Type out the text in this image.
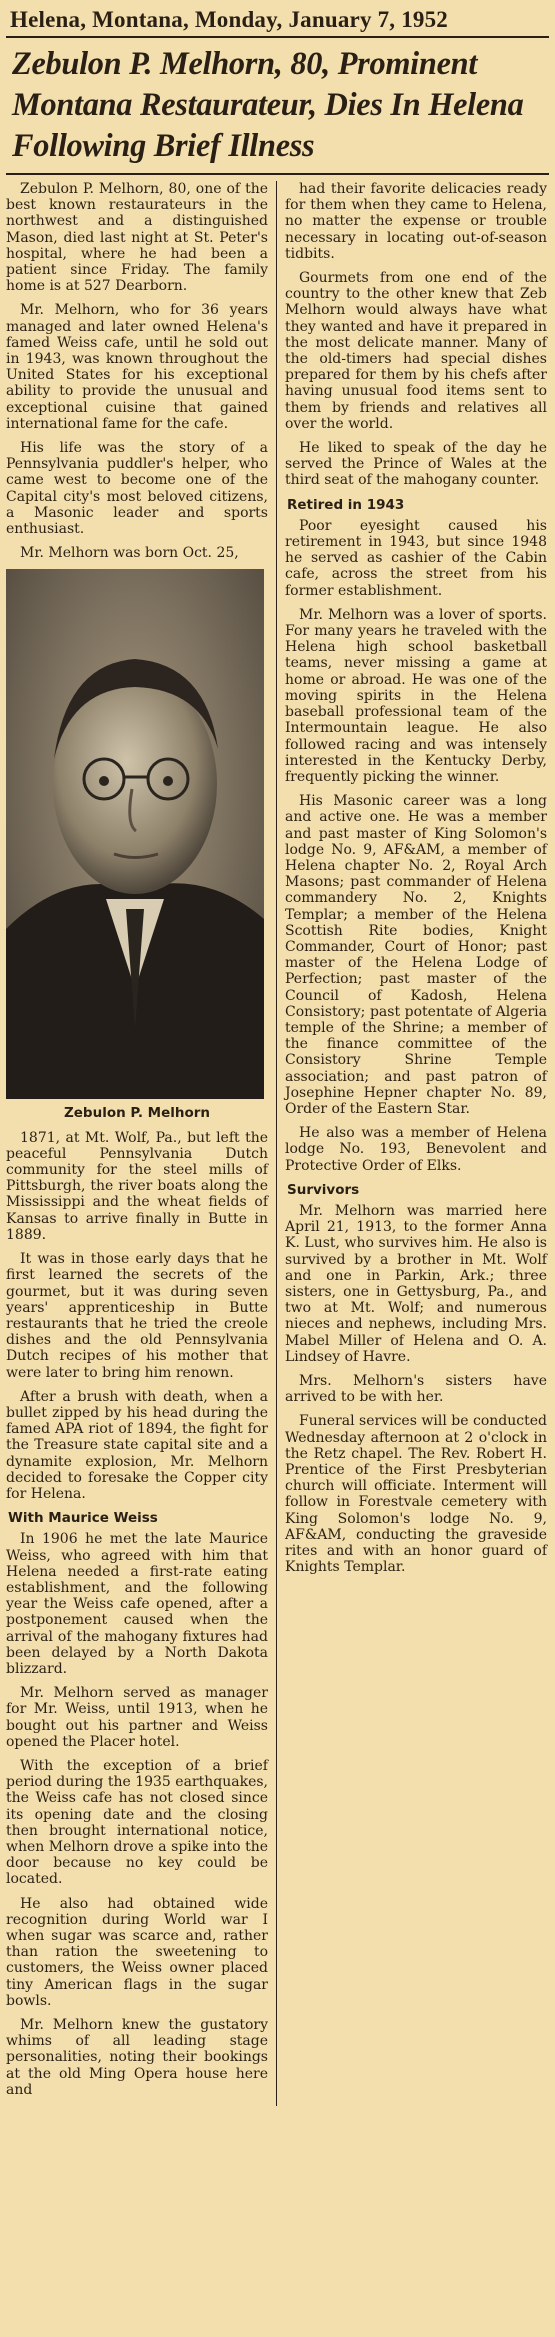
Helena, Montana, Monday, January 7, 1952
Zebulon P. Melhorn, 80, Prominent Montana Restaurateur, Dies In Helena Following Brief Illness

Zebulon P. Melhorn, 80, one of the best known restaurateurs in the northwest and a distinguished Mason, died last night at St. Peter's hospital, where he had been a patient since Friday. The family home is at 527 Dearborn.

Mr. Melhorn, who for 36 years managed and later owned Helena's famed Weiss cafe, until he sold out in 1943, was known throughout the United States for his exceptional ability to provide the unusual and exceptional cuisine that gained international fame for the cafe.

His life was the story of a Pennsylvania puddler's helper, who came west to become one of the Capital city's most beloved citizens, a Masonic leader and sports enthusiast.

Mr. Melhorn was born Oct. 25,

Zebulon P. Melhorn

1871, at Mt. Wolf, Pa., but left the peaceful Pennsylvania Dutch community for the steel mills of Pittsburgh, the river boats along the Mississippi and the wheat fields of Kansas to arrive finally in Butte in 1889.

It was in those early days that he first learned the secrets of the gourmet, but it was during seven years' apprenticeship in Butte restaurants that he tried the creole dishes and the old Pennsylvania Dutch recipes of his mother that were later to bring him renown.

After a brush with death, when a bullet zipped by his head during the famed APA riot of 1894, the fight for the Treasure state capital site and a dynamite explosion, Mr. Melhorn decided to foresake the Copper city for Helena.

With Maurice Weiss

In 1906 he met the late Maurice Weiss, who agreed with him that Helena needed a first-rate eating establishment, and the following year the Weiss cafe opened, after a postponement caused when the arrival of the mahogany fixtures had been delayed by a North Dakota blizzard.

Mr. Melhorn served as manager for Mr. Weiss, until 1913, when he bought out his partner and Weiss opened the Placer hotel.

With the exception of a brief period during the 1935 earthquakes, the Weiss cafe has not closed since its opening date and the closing then brought international notice, when Melhorn drove a spike into the door because no key could be located.

He also had obtained wide recognition during World war I when sugar was scarce and, rather than ration the sweetening to customers, the Weiss owner placed tiny American flags in the sugar bowls.

Mr. Melhorn knew the gustatory whims of all leading stage personalities, noting their bookings at the old Ming Opera house here and

had their favorite delicacies ready for them when they came to Helena, no matter the expense or trouble necessary in locating out-of-season tidbits.

Gourmets from one end of the country to the other knew that Zeb Melhorn would always have what they wanted and have it prepared in the most delicate manner. Many of the old-timers had special dishes prepared for them by his chefs after having unusual food items sent to them by friends and relatives all over the world.

He liked to speak of the day he served the Prince of Wales at the third seat of the mahogany counter.

Retired in 1943

Poor eyesight caused his retirement in 1943, but since 1948 he served as cashier of the Cabin cafe, across the street from his former establishment.

Mr. Melhorn was a lover of sports. For many years he traveled with the Helena high school basketball teams, never missing a game at home or abroad. He was one of the moving spirits in the Helena baseball professional team of the Intermountain league. He also followed racing and was intensely interested in the Kentucky Derby, frequently picking the winner.

His Masonic career was a long and active one. He was a member and past master of King Solomon's lodge No. 9, AF&AM, a member of Helena chapter No. 2, Royal Arch Masons; past commander of Helena commandery No. 2, Knights Templar; a member of the Helena Scottish Rite bodies, Knight Commander, Court of Honor; past master of the Helena Lodge of Perfection; past master of the Council of Kadosh, Helena Consistory; past potentate of Algeria temple of the Shrine; a member of the finance committee of the Consistory Shrine Temple association; and past patron of Josephine Hepner chapter No. 89, Order of the Eastern Star.

He also was a member of Helena lodge No. 193, Benevolent and Protective Order of Elks.

Survivors

Mr. Melhorn was married here April 21, 1913, to the former Anna K. Lust, who survives him. He also is survived by a brother in Mt. Wolf and one in Parkin, Ark.; three sisters, one in Gettysburg, Pa., and two at Mt. Wolf; and numerous nieces and nephews, including Mrs. Mabel Miller of Helena and O. A. Lindsey of Havre.

Mrs. Melhorn's sisters have arrived to be with her.

Funeral services will be conducted Wednesday afternoon at 2 o'clock in the Retz chapel. The Rev. Robert H. Prentice of the First Presbyterian church will officiate. Interment will follow in Forestvale cemetery with King Solomon's lodge No. 9, AF&AM, conducting the graveside rites and with an honor guard of Knights Templar.
